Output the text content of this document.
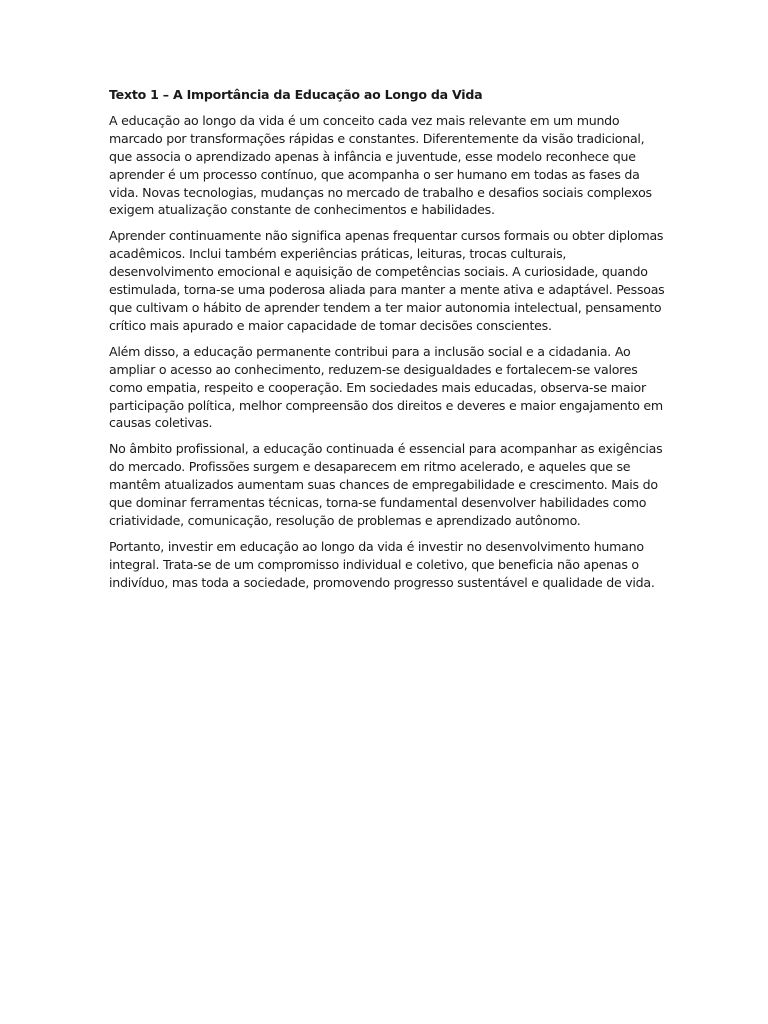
Texto 1 – A Importância da Educação ao Longo da Vida

A educação ao longo da vida é um conceito cada vez mais relevante em um mundo marcado por transformações rápidas e constantes. Diferentemente da visão tradicional, que associa o aprendizado apenas à infância e juventude, esse modelo reconhece que aprender é um processo contínuo, que acompanha o ser humano em todas as fases da vida. Novas tecnologias, mudanças no mercado de trabalho e desafios sociais complexos exigem atualização constante de conhecimentos e habilidades.

Aprender continuamente não significa apenas frequentar cursos formais ou obter diplomas acadêmicos. Inclui também experiências práticas, leituras, trocas culturais, desenvolvimento emocional e aquisição de competências sociais. A curiosidade, quando estimulada, torna-se uma poderosa aliada para manter a mente ativa e adaptável. Pessoas que cultivam o hábito de aprender tendem a ter maior autonomia intelectual, pensamento crítico mais apurado e maior capacidade de tomar decisões conscientes.

Além disso, a educação permanente contribui para a inclusão social e a cidadania. Ao ampliar o acesso ao conhecimento, reduzem-se desigualdades e fortalecem-se valores como empatia, respeito e cooperação. Em sociedades mais educadas, observa-se maior participação política, melhor compreensão dos direitos e deveres e maior engajamento em causas coletivas.

No âmbito profissional, a educação continuada é essencial para acompanhar as exigências do mercado. Profissões surgem e desaparecem em ritmo acelerado, e aqueles que se mantêm atualizados aumentam suas chances de empregabilidade e crescimento. Mais do que dominar ferramentas técnicas, torna-se fundamental desenvolver habilidades como criatividade, comunicação, resolução de problemas e aprendizado autônomo.

Portanto, investir em educação ao longo da vida é investir no desenvolvimento humano integral. Trata-se de um compromisso individual e coletivo, que beneficia não apenas o indivíduo, mas toda a sociedade, promovendo progresso sustentável e qualidade de vida.
